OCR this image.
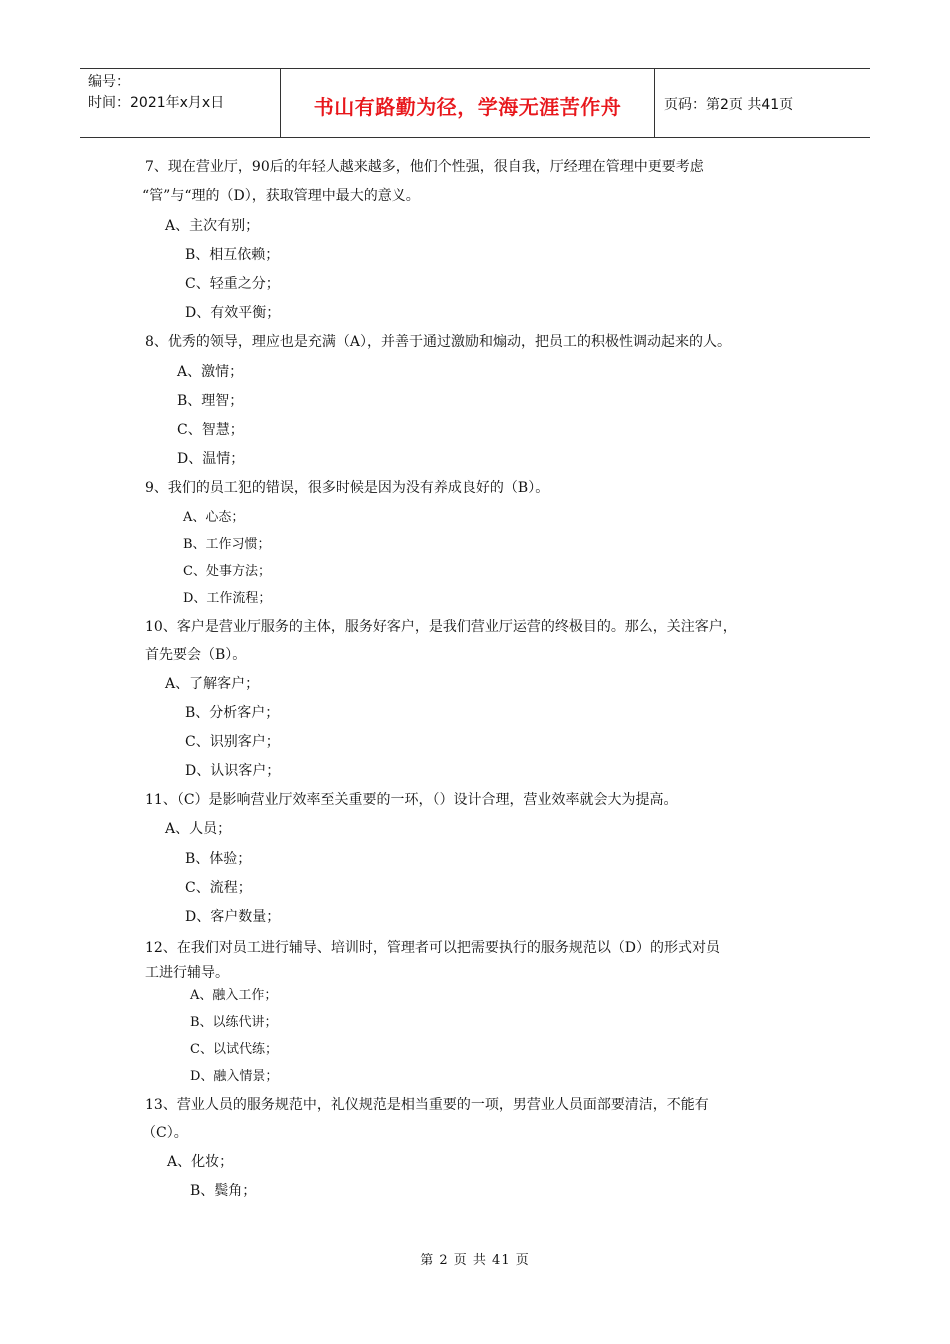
编号：
时间：2021年x月x日	书山有路勤为径，学海无涯苦作舟	页码：第2页 共41页
7、现在营业厅，90后的年轻人越来越多，他们个性强，很自我，厅经理在管理中更要考虑
“管”与“理的（D），获取管理中最大的意义。
A、主次有别；
B、相互依赖；
C、轻重之分；
D、有效平衡；
8、优秀的领导，理应也是充满（A），并善于通过激励和煽动，把员工的积极性调动起来的人。
A、激情；
B、理智；
C、智慧；
D、温情；
9、我们的员工犯的错误，很多时候是因为没有养成良好的（B）。
A、心态；
B、工作习惯；
C、处事方法；
D、工作流程；
10、客户是营业厅服务的主体，服务好客户，是我们营业厅运营的终极目的。那么，关注客户，
首先要会（B）。
A、了解客户；
B、分析客户；
C、识别客户；
D、认识客户；
11、（C）是影响营业厅效率至关重要的一环，（）设计合理，营业效率就会大为提高。
A、人员；
B、体验；
C、流程；
D、客户数量；
12、在我们对员工进行辅导、培训时，管理者可以把需要执行的服务规范以（D）的形式对员
工进行辅导。
A、融入工作；
B、以练代讲；
C、以试代练；
D、融入情景；
13、营业人员的服务规范中，礼仪规范是相当重要的一项，男营业人员面部要清洁，不能有
（C）。
A、化妆；
B、鬓角；
第 2 页 共 41 页
